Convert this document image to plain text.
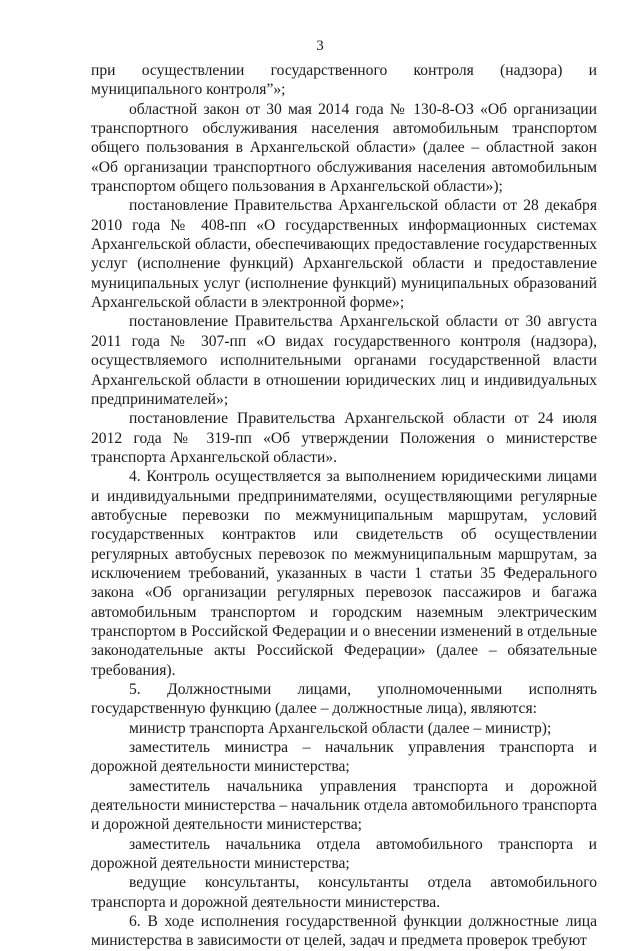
3

при осуществлении государственного контроля (надзора) и муниципального контроля”»;

областной закон от 30 мая 2014 года № 130-8-ОЗ «Об организации транспортного обслуживания населения автомобильным транспортом общего пользования в Архангельской области» (далее – областной закон «Об организации транспортного обслуживания населения автомобильным транспортом общего пользования в Архангельской области»);

постановление Правительства Архангельской области от 28 декабря 2010 года № 408-пп «О государственных информационных системах Архангельской области, обеспечивающих предоставление государственных услуг (исполнение функций) Архангельской области и предоставление муниципальных услуг (исполнение функций) муниципальных образований Архангельской области в электронной форме»;

постановление Правительства Архангельской области от 30 августа 2011 года № 307-пп «О видах государственного контроля (надзора), осуществляемого исполнительными органами государственной власти Архангельской области в отношении юридических лиц и индивидуальных предпринимателей»;

постановление Правительства Архангельской области от 24 июля 2012 года № 319-пп «Об утверждении Положения о министерстве транспорта Архангельской области».

4. Контроль осуществляется за выполнением юридическими лицами и индивидуальными предпринимателями, осуществляющими регулярные автобусные перевозки по межмуниципальным маршрутам, условий государственных контрактов или свидетельств об осуществлении регулярных автобусных перевозок по межмуниципальным маршрутам, за исключением требований, указанных в части 1 статьи 35 Федерального закона «Об организации регулярных перевозок пассажиров и багажа автомобильным транспортом и городским наземным электрическим транспортом в Российской Федерации и о внесении изменений в отдельные законодательные акты Российской Федерации» (далее – обязательные требования).

5. Должностными лицами, уполномоченными исполнять государственную функцию (далее – должностные лица), являются:

министр транспорта Архангельской области (далее – министр);

заместитель министра – начальник управления транспорта и дорожной деятельности министерства;

заместитель начальника управления транспорта и дорожной деятельности министерства – начальник отдела автомобильного транспорта и дорожной деятельности министерства;

заместитель начальника отдела автомобильного транспорта и дорожной деятельности министерства;

ведущие консультанты, консультанты отдела автомобильного транспорта и дорожной деятельности министерства.

6. В ходе исполнения государственной функции должностные лица министерства в зависимости от целей, задач и предмета проверок требуют
